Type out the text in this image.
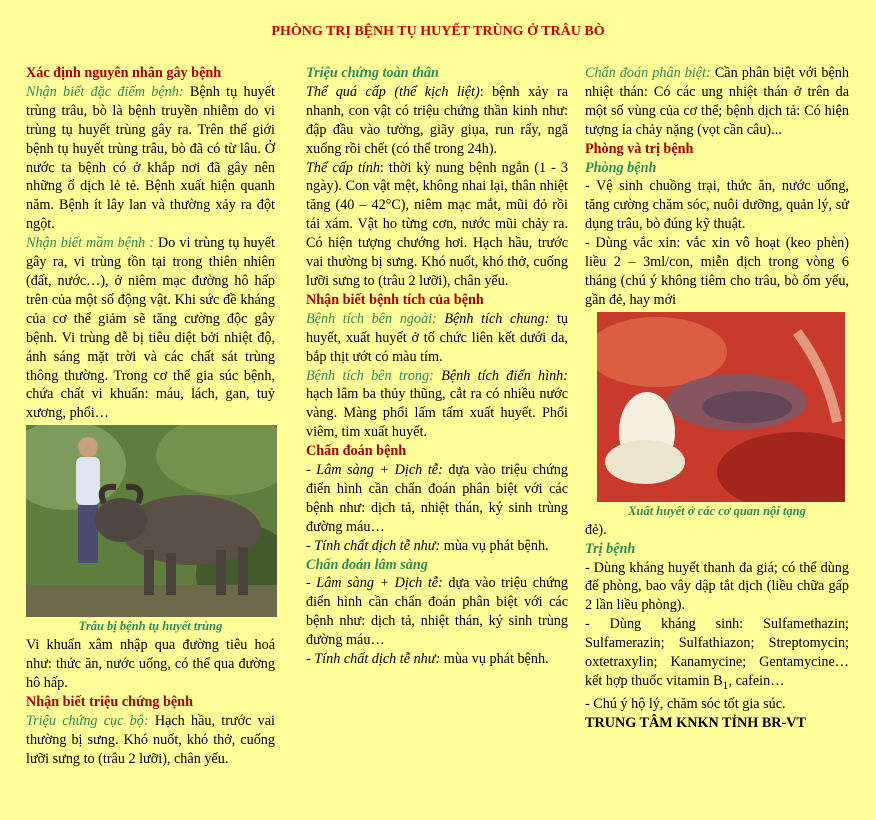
PHÒNG TRỊ BỆNH TỤ HUYẾT TRÙNG Ở TRÂU BÒ

Xác định nguyên nhân gây bệnh

Nhận biết đặc điểm bệnh: Bệnh tụ huyết trùng trâu, bò là bệnh truyền nhiễm do vi trùng tụ huyết trùng gây ra. Trên thế giới bệnh tụ huyết trùng trâu, bò đã có từ lâu. Ở nước ta bệnh có ở khắp nơi đã gây nên những ổ dịch lẻ tẻ. Bệnh xuất hiện quanh năm. Bệnh ít lây lan và thường xảy ra đột ngột.

Nhận biết mầm bệnh : Do vi trùng tụ huyết gây ra, vi trùng tồn tại trong thiên nhiên (đất, nước…), ở niêm mạc đường hô hấp trên của một số động vật. Khi sức đề kháng của cơ thể giảm sẽ tăng cường độc gây bệnh. Vi trùng dễ bị tiêu diệt bởi nhiệt độ, ánh sáng mặt trời và các chất sát trùng thông thường. Trong cơ thể gia súc bệnh, chứa chất vi khuẩn: máu, lách, gan, tuỷ xương, phổi…

Trâu bị bệnh tụ huyết trùng

Vi khuẩn xâm nhập qua đường tiêu hoá như: thức ăn, nước uống, có thể qua đường hô hấp.

Nhận biết triệu chứng bệnh

Triệu chứng cục bộ: Hạch hầu, trước vai thường bị sưng. Khó nuốt, khó thở, cuống lưỡi sưng to (trâu 2 lưỡi), chân yếu.

Triệu chứng toàn thân

Thể quá cấp (thể kịch liệt): bệnh xảy ra nhanh, con vật có triệu chứng thần kinh như: đập đầu vào tường, giãy giụa, run rẩy, ngã xuống rồi chết (có thể trong 24h).

Thể cấp tính: thời kỳ nung bệnh ngắn (1 - 3 ngày). Con vật mệt, không nhai lại, thân nhiệt tăng (40 – 42°C), niêm mạc mắt, mũi đỏ rồi tái xám. Vật ho từng cơn, nước mũi chảy ra. Có hiện tượng chướng hơi. Hạch hầu, trước vai thường bị sưng. Khó nuốt, khó thở, cuống lưỡi sưng to (trâu 2 lưỡi), chân yếu.

Nhận biết bệnh tích của bệnh

Bệnh tích bên ngoài: Bệnh tích chung: tụ huyết, xuất huyết ở tổ chức liên kết dưới da, bắp thịt ướt có màu tím.

Bệnh tích bên trong: Bệnh tích điển hình: hạch lâm ba thủy thũng, cắt ra có nhiều nước vàng. Màng phổi lấm tấm xuất huyết. Phổi viêm, tim xuất huyết.

Chẩn đoán bệnh

- Lâm sàng + Dịch tễ: dựa vào triệu chứng điển hình cần chẩn đoán phân biệt với các bệnh như: dịch tả, nhiệt thán, ký sinh trùng đường máu…

- Tính chất dịch tễ như: mùa vụ phát bệnh.

Chẩn đoán lâm sàng

- Lâm sàng + Dịch tễ: dựa vào triệu chứng điển hình cần chẩn đoán phân biệt với các bệnh như: dịch tả, nhiệt thán, ký sinh trùng đường máu…

- Tính chất dịch tễ như: mùa vụ phát bệnh.

Chẩn đoán phân biệt: Cần phân biệt với bệnh nhiệt thán: Có các ung nhiệt thán ở trên da một số vùng của cơ thể; bệnh dịch tả: Có hiện tượng ỉa chảy nặng (vọt cần câu)...

Phòng và trị bệnh

Phòng bệnh

- Vệ sinh chuồng trại, thức ăn, nước uống, tăng cường chăm sóc, nuôi dưỡng, quản lý, sử dụng trâu, bò đúng kỹ thuật.

- Dùng vắc xin: vắc xin vô hoạt (keo phèn) liều 2 – 3ml/con, miễn dịch trong vòng 6 tháng (chú ý không tiêm cho trâu, bò ốm yếu, gần đẻ, hay mới

Xuất huyết ở các cơ quan nội tạng

đẻ).

Trị bệnh

- Dùng kháng huyết thanh đa giá; có thể dùng để phòng, bao vây dập tắt dịch (liều chữa gấp 2 lần liều phòng).

- Dùng kháng sinh: Sulfamethazin; Sulfamerazin; Sulfathiazon; Streptomycin; oxtetraxylin; Kanamycine; Gentamycine… kết hợp thuốc vitamin $B_1$, cafein…

- Chú ý hộ lý, chăm sóc tốt gia súc.

TRUNG TÂM KNKN TỈNH BR-VT
